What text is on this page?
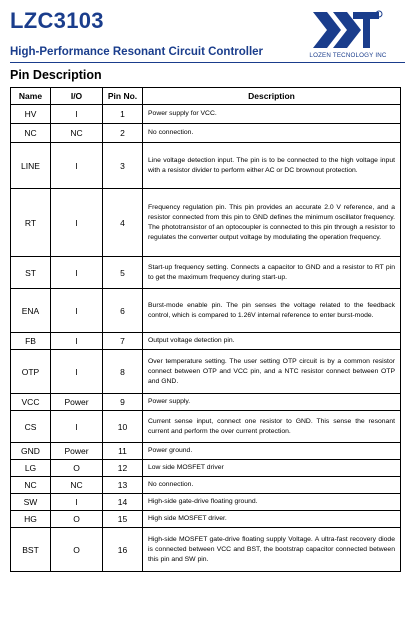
LZC3103
High-Performance Resonant Circuit Controller	LOZEN TECNOLOGY INC
Pin Description
Name	I/O	Pin No.	Description
HV	I	1	Power supply for VCC.
NC	NC	2	No connection.
LINE	I	3	Line voltage detection input. The pin is to be connected to the high voltage input with a resistor divider to perform either AC or DC brownout protection.
RT	I	4	Frequency regulation pin. This pin provides an accurate 2.0 V reference, and a resistor connected from this pin to GND defines the minimum oscillator frequency. The phototransistor of an optocoupler is connected to this pin through a resistor to regulates the converter output voltage by modulating the operation frequency.
ST	I	5	Start-up frequency setting. Connects a capacitor to GND and a resistor to RT pin to get the maximum frequency during start-up.
ENA	I	6	Burst-mode enable pin. The pin senses the voltage related to the feedback control, which is compared to 1.26V internal reference to enter burst-mode.
FB	I	7	Output voltage detection pin.
OTP	I	8	Over temperature setting. The user setting OTP circuit is by a common resistor connect between OTP and VCC pin, and a NTC resistor connect between OTP and GND.
VCC	Power	9	Power supply.
CS	I	10	Current sense input, connect one resistor to GND. This sense the resonant current and perform the over current protection.
GND	Power	11	Power ground.
LG	O	12	Low side MOSFET driver
NC	NC	13	No connection.
SW	I	14	High-side gate-drive floating ground.
HG	O	15	High side MOSFET driver.
BST	O	16	High-side MOSFET gate-drive floating supply Voltage. A ultra-fast recovery diode is connected between VCC and BST, the bootstrap capacitor connected between this pin and SW pin.
